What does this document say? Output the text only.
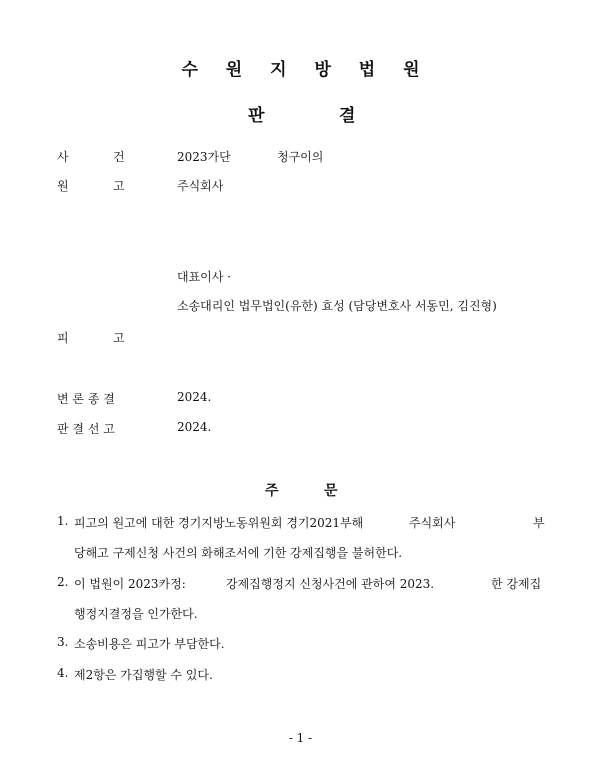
수 원 지 방 법 원
판	결
사	건	2023가단	청구이의
원	고	주식회사
대표이사 ·
소송대리인 법무법인(유한) 효성 (담당변호사 서동민, 김진형)
피	고
변 론 종 결	2024.
판 결 선 고	2024.
주	문
1. 피고의 원고에 대한 경기지방노동위원회 경기2021부해	주식회사	부
당해고 구제신청 사건의 화해조서에 기한 강제집행을 불허한다.
2. 이 법원이 2023카정:	강제집행정지 신청사건에 관하여 2023.	한 강제집
행정지결정을 인가한다.
3. 소송비용은 피고가 부담한다.
4. 제2항은 가집행할 수 있다.
- 1 -
